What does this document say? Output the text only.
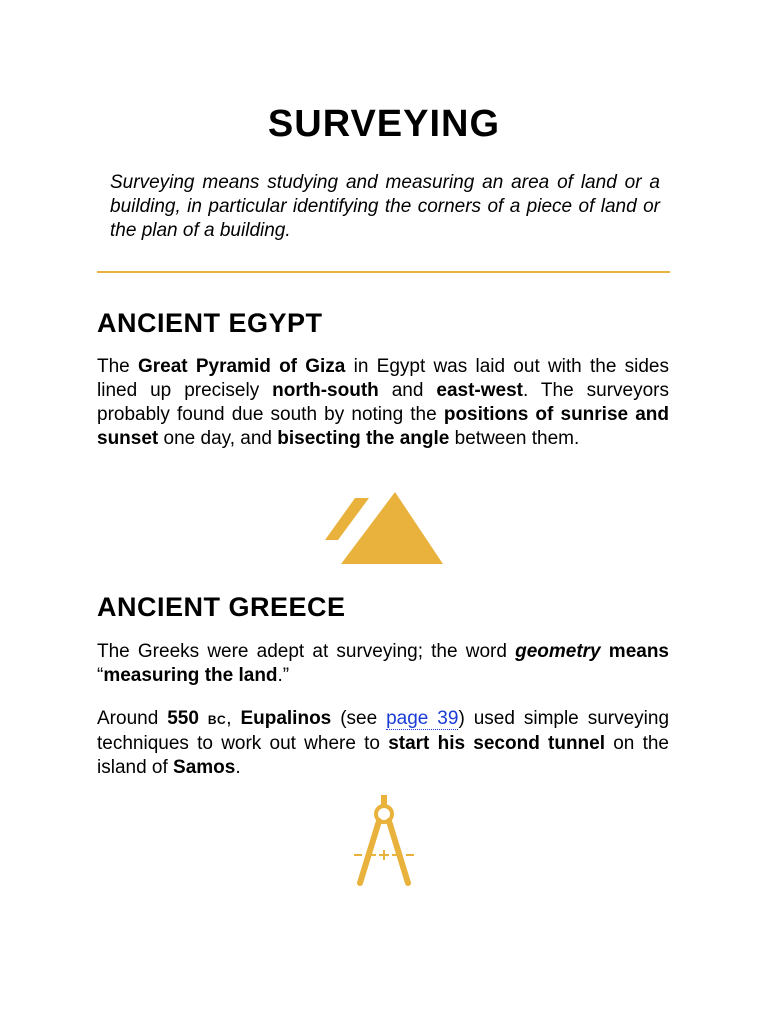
SURVEYING

Surveying means studying and measuring an area of land or a building, in particular identifying the corners of a piece of land or the plan of a building.

ANCIENT EGYPT

The Great Pyramid of Giza in Egypt was laid out with the sides lined up precisely north-south and east-west. The surveyors probably found due south by noting the positions of sunrise and sunset one day, and bisecting the angle between them.

ANCIENT GREECE

The Greeks were adept at surveying; the word geometry means “measuring the land.”

Around 550 BC, Eupalinos (see page 39) used simple surveying techniques to work out where to start his second tunnel on the island of Samos.
